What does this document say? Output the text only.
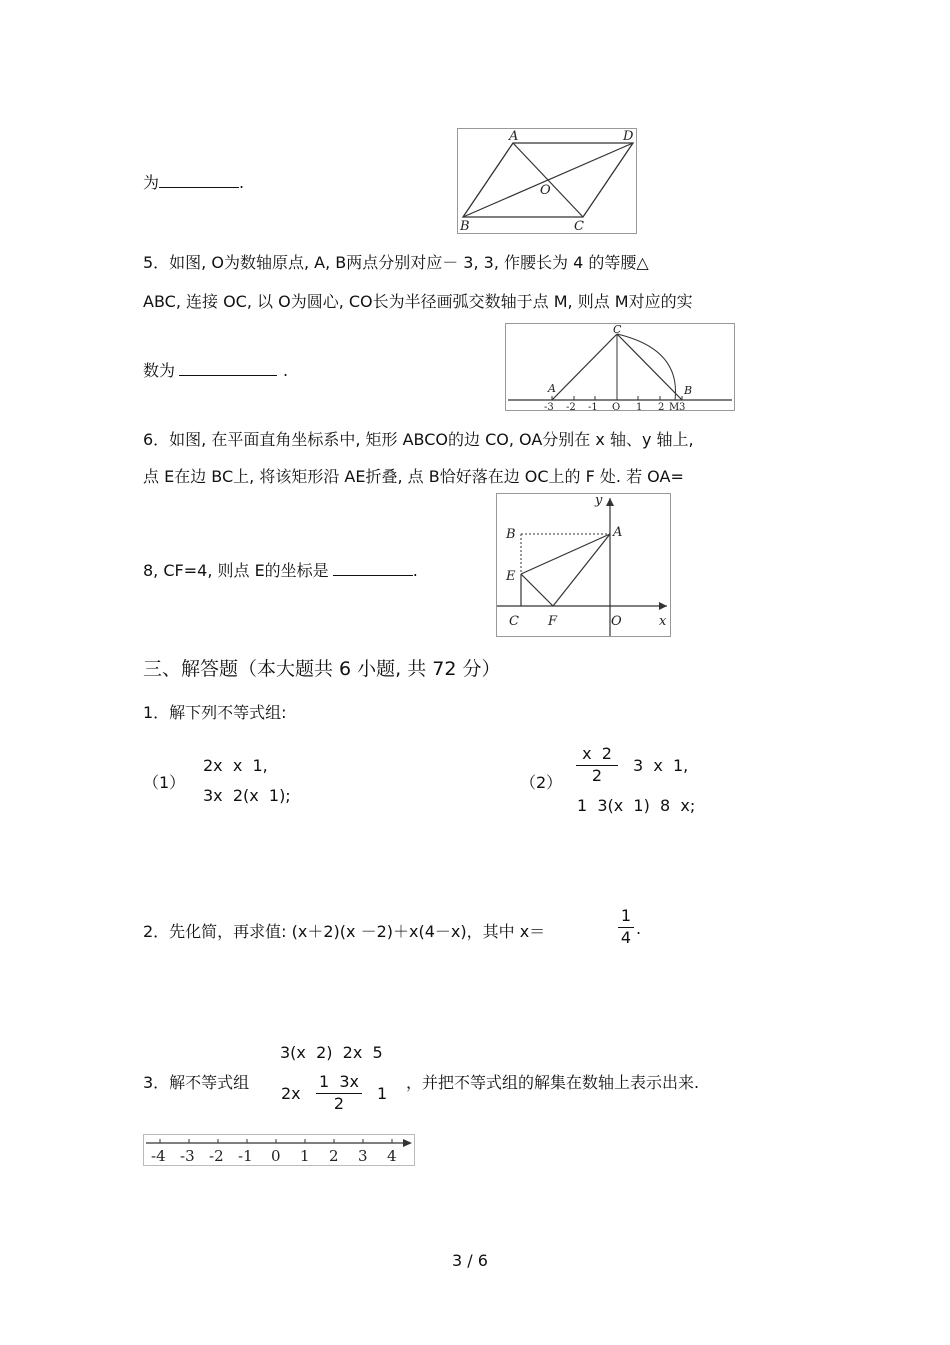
为	.
A	D
O
B	C
5．如图, O为数轴原点, A, B两点分别对应－ 3, 3, 作腰长为 4 的等腰△
ABC, 连接 OC, 以 O为圆心, CO长为半径画弧交数轴于点 M, 则点 M对应的实
数为	.
-3 -2 -1 O 1 2 M 3
C
A	B
6．如图, 在平面直角坐标系中, 矩形 ABCO的边 CO, OA分别在 x 轴、y 轴上,
点 E在边 BC上, 将该矩形沿 AE折叠, 点 B恰好落在边 OC上的 F 处. 若 OA=
8, CF=4, 则点 E的坐标是	.
y
B	A
E
C F	O	x
三、解答题（本大题共 6 小题, 共 72 分）
1．解下列不等式组:
（1）
2x  x  1,
3x  2(x  1);
$(2) \frac{x 2}{2} 3$  x  1,
1  3(x  1)  8  x;
2．先化简，再求值: (x＋2)(x －2)＋x(4－x)，其中 x＝	$\frac{1}{4}$ .
3．解不等式组
3(x  2)  2x  5
$2x \frac{1 3x}{2} 1$
，并把不等式组的解集在数轴上表示出来.
-4 -3 -2 -1 0 1 2 3 4
3 / 6
